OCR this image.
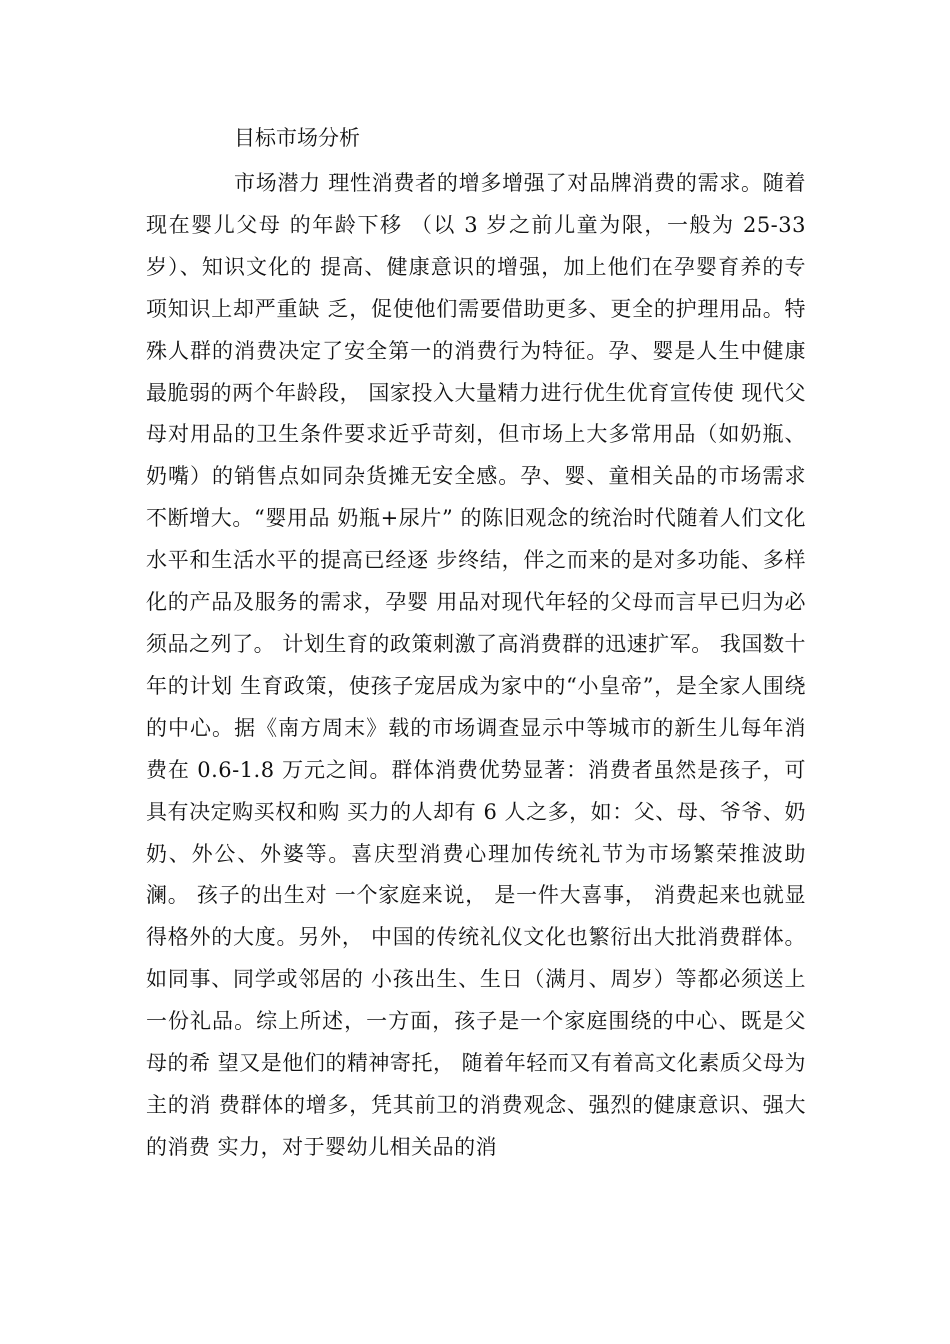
目标市场分析

市场潜力 理性消费者的增多增强了对品牌消费的需求。随着现在婴儿父母 的年龄下移 （以 3 岁之前儿童为限，一般为 25-33 岁）、知识文化的 提高、健康意识的增强，加上他们在孕婴育养的专项知识上却严重缺 乏，促使他们需要借助更多、更全的护理用品。特殊人群的消费决定了安全第一的消费行为特征。孕、婴是人生中健康最脆弱的两个年龄段， 国家投入大量精力进行优生优育宣传使 现代父母对用品的卫生条件要求近乎苛刻，但市场上大多常用品（如奶瓶、奶嘴）的销售点如同杂货摊无安全感。孕、婴、童相关品的市场需求不断增大。“婴用品 奶瓶+尿片” 的陈旧观念的统治时代随着人们文化水平和生活水平的提高已经逐 步终结，伴之而来的是对多功能、多样化的产品及服务的需求，孕婴 用品对现代年轻的父母而言早已归为必须品之列了。 计划生育的政策刺激了高消费群的迅速扩军。 我国数十年的计划 生育政策，使孩子宠居成为家中的“小皇帝”，是全家人围绕的中心。据《南方周末》载的市场调查显示中等城市的新生儿每年消费在 0.6-1.8 万元之间。群体消费优势显著：消费者虽然是孩子，可具有决定购买权和购 买力的人却有 6 人之多，如：父、母、爷爷、奶奶、外公、外婆等。喜庆型消费心理加传统礼节为市场繁荣推波助澜。 孩子的出生对 一个家庭来说， 是一件大喜事， 消费起来也就显得格外的大度。另外， 中国的传统礼仪文化也繁衍出大批消费群体。如同事、同学或邻居的 小孩出生、生日（满月、周岁）等都必须送上一份礼品。综上所述，一方面，孩子是一个家庭围绕的中心、既是父母的希 望又是他们的精神寄托， 随着年轻而又有着高文化素质父母为主的消 费群体的增多，凭其前卫的消费观念、强烈的健康意识、强大的消费 实力，对于婴幼儿相关品的消
